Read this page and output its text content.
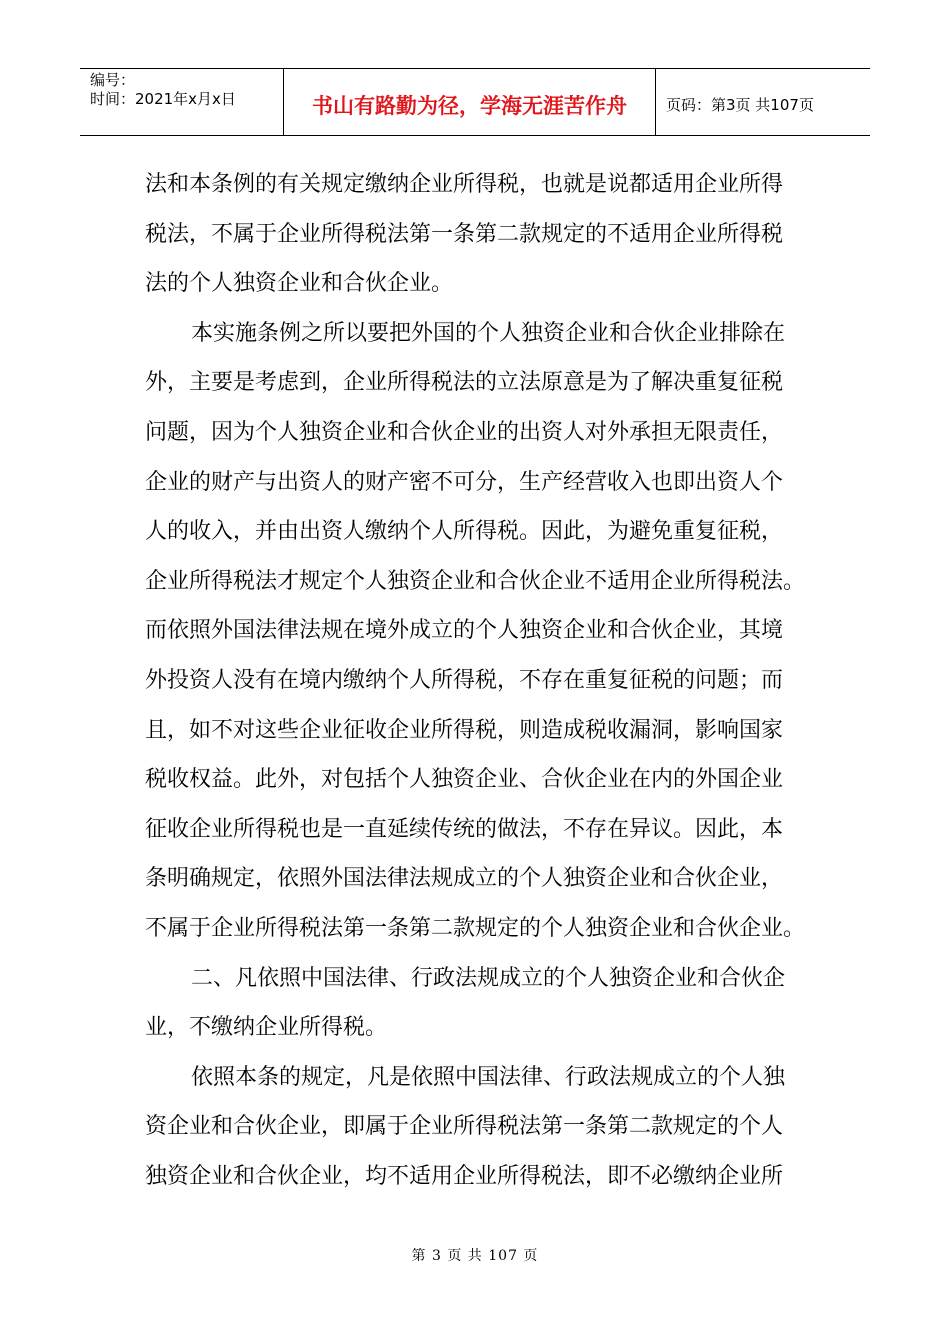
编号：
时间：2021年x月x日	书山有路勤为径，学海无涯苦作舟	页码：第3页 共107页
法和本条例的有关规定缴纳企业所得税，也就是说都适用企业所得
税法，不属于企业所得税法第一条第二款规定的不适用企业所得税
法的个人独资企业和合伙企业。
本实施条例之所以要把外国的个人独资企业和合伙企业排除在
外，主要是考虑到，企业所得税法的立法原意是为了解决重复征税
问题，因为个人独资企业和合伙企业的出资人对外承担无限责任，
企业的财产与出资人的财产密不可分，生产经营收入也即出资人个
人的收入，并由出资人缴纳个人所得税。因此，为避免重复征税，
企业所得税法才规定个人独资企业和合伙企业不适用企业所得税法。
而依照外国法律法规在境外成立的个人独资企业和合伙企业，其境
外投资人没有在境内缴纳个人所得税，不存在重复征税的问题；而
且，如不对这些企业征收企业所得税，则造成税收漏洞，影响国家
税收权益。此外，对包括个人独资企业、合伙企业在内的外国企业
征收企业所得税也是一直延续传统的做法，不存在异议。因此，本
条明确规定，依照外国法律法规成立的个人独资企业和合伙企业，
不属于企业所得税法第一条第二款规定的个人独资企业和合伙企业。
二、凡依照中国法律、行政法规成立的个人独资企业和合伙企
业，不缴纳企业所得税。
依照本条的规定，凡是依照中国法律、行政法规成立的个人独
资企业和合伙企业，即属于企业所得税法第一条第二款规定的个人
独资企业和合伙企业，均不适用企业所得税法，即不必缴纳企业所
第 3 页 共 107 页
